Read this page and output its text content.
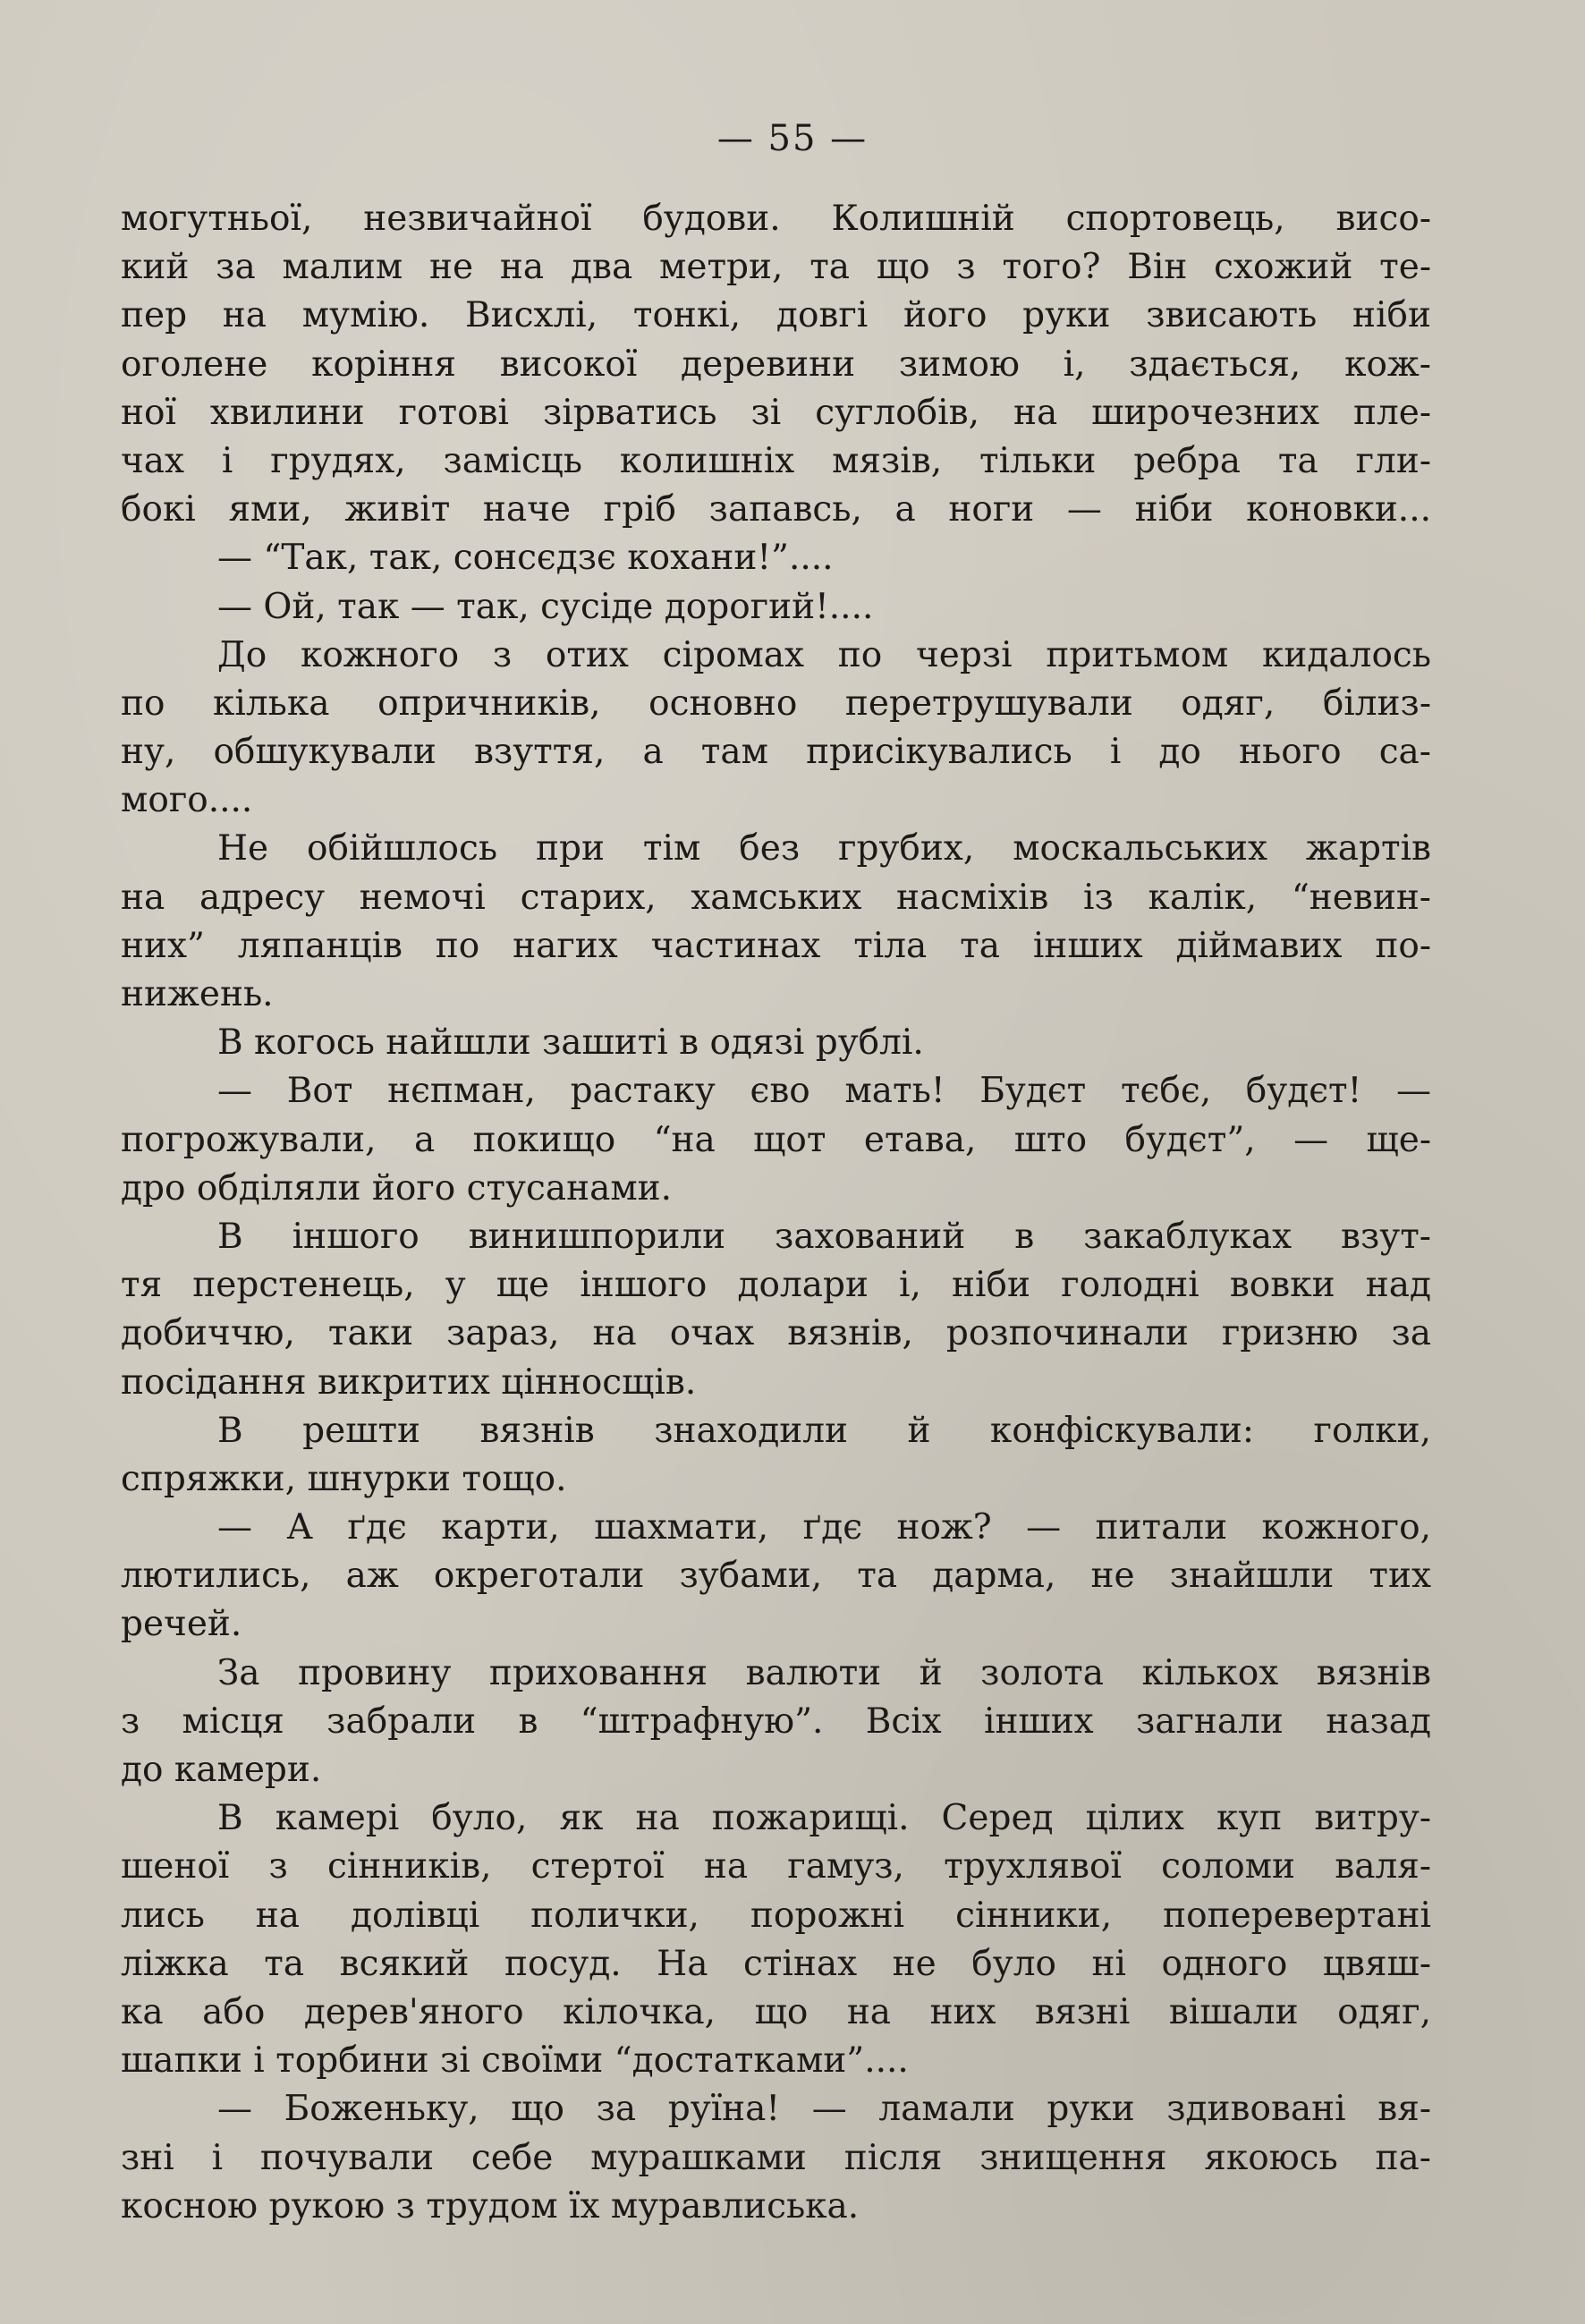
— 55 —
могутньої, незвичайної будови. Колишній спортовець, висо-
кий за малим не на два метри, та що з того? Він схожий те-
пер на мумію. Висхлі, тонкі, довгі його руки звисають ніби
оголене коріння високої деревини зимою і, здається, кож-
ної хвилини готові зірватись зі суглобів, на широчезних пле-
чах і грудях, замісць колишніх мязів, тільки ребра та гли-
бокі ями, живіт наче гріб запавсь, а ноги — ніби коновки...
— “Так, так, сонсєдзє кохани!”....
— Ой, так — так, сусіде дорогий!....
До кожного з отих сіромах по черзі притьмом кидалось
по кілька опричників, основно перетрушували одяг, білиз-
ну, обшукували взуття, а там присікувались і до нього са-
мого....
Не обійшлось при тім без грубих, москальських жартів
на адресу немочі старих, хамських насміхів із калік, “невин-
них” ляпанців по нагих частинах тіла та інших діймавих по-
нижень.
В когось найшли зашиті в одязі рублі.
— Вот нєпман, растаку єво мать! Будєт тєбє, будєт! —
погрожували, а покищо “на щот етава, што будєт”, — ще-
дро обділяли його стусанами.
В іншого винишпорили захований в закаблуках взут-
тя перстенець, у ще іншого долари і, ніби голодні вовки над
добиччю, таки зараз, на очах вязнів, розпочинали гризню за
посідання викритих цінносщів.
В решти вязнів знаходили й конфіскували: голки,
спряжки, шнурки тощо.
— А ґдє карти, шахмати, ґдє нож? — питали кожного,
лютились, аж окреготали зубами, та дарма, не знайшли тих
речей.
За провину приховання валюти й золота кількох вязнів
з місця забрали в “штрафную”. Всіх інших загнали назад
до камери.
В камері було, як на пожарищі. Серед цілих куп витру-
шеної з сінників, стертої на гамуз, трухлявої соломи валя-
лись на долівці полички, порожні сінники, поперевертані
ліжка та всякий посуд. На стінах не було ні одного цвяш-
ка або дерев'яного кілочка, що на них вязні вішали одяг,
шапки і торбини зі своїми “достатками”....
— Боженьку, що за руїна! — ламали руки здивовані вя-
зні і почували себе мурашками після знищення якоюсь па-
косною рукою з трудом їх муравлиська.
